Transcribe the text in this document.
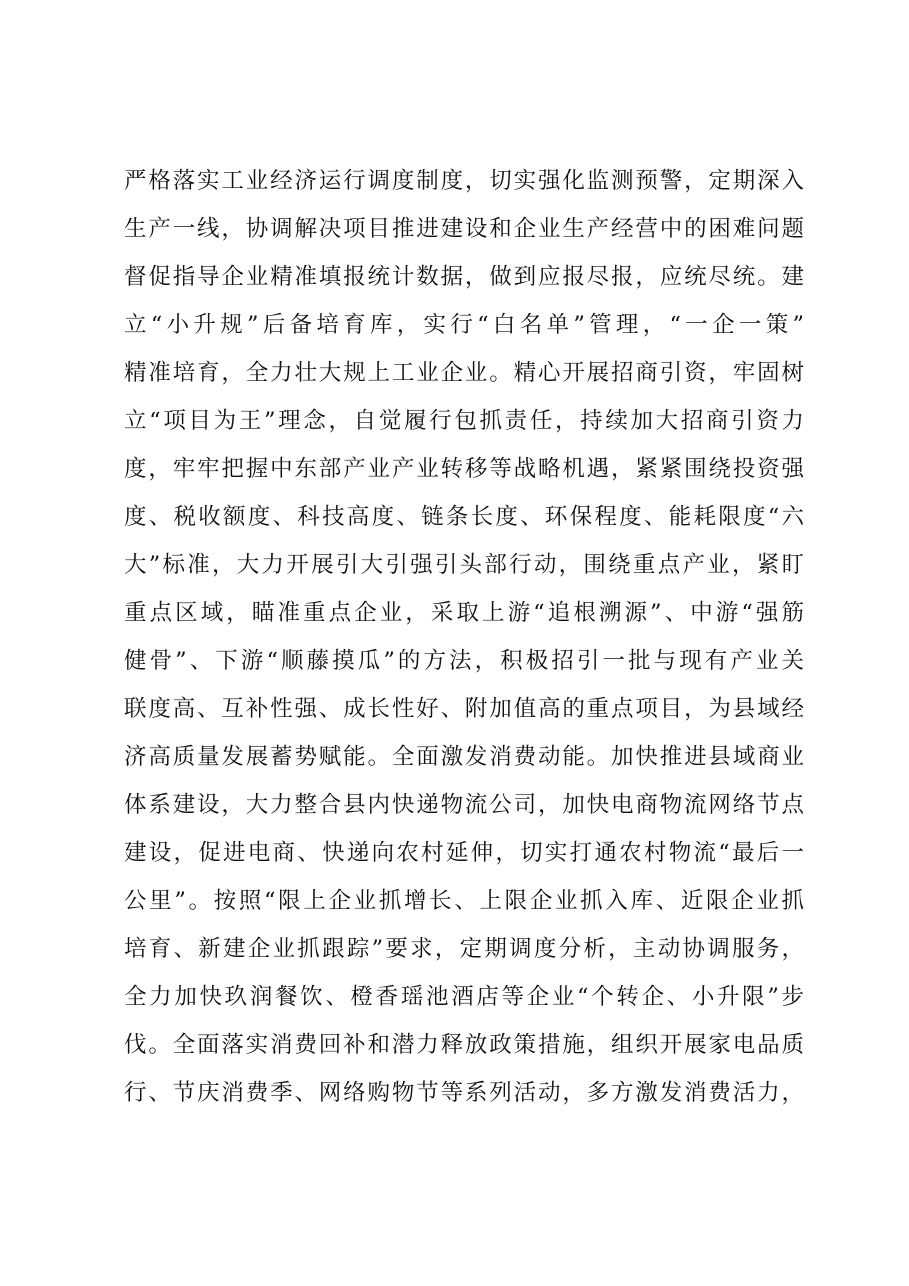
严格落实工业经济运行调度制度，切实强化监测预警，定期深入
生产一线，协调解决项目推进建设和企业生产经营中的困难问题
督促指导企业精准填报统计数据，做到应报尽报，应统尽统。建
立“小升规”后备培育库，实行“白名单”管理，“一企一策”
精准培育，全力壮大规上工业企业。精心开展招商引资，牢固树
立“项目为王”理念，自觉履行包抓责任，持续加大招商引资力
度，牢牢把握中东部产业产业转移等战略机遇，紧紧围绕投资强
度、税收额度、科技高度、链条长度、环保程度、能耗限度“六
大”标准，大力开展引大引强引头部行动，围绕重点产业，紧盯
重点区域，瞄准重点企业，采取上游“追根溯源”、中游“强筋
健骨”、下游“顺藤摸瓜”的方法，积极招引一批与现有产业关
联度高、互补性强、成长性好、附加值高的重点项目，为县域经
济高质量发展蓄势赋能。全面激发消费动能。加快推进县域商业
体系建设，大力整合县内快递物流公司，加快电商物流网络节点
建设，促进电商、快递向农村延伸，切实打通农村物流“最后一
公里”。按照“限上企业抓增长、上限企业抓入库、近限企业抓
培育、新建企业抓跟踪”要求，定期调度分析，主动协调服务，
全力加快玖润餐饮、橙香瑶池酒店等企业“个转企、小升限”步
伐。全面落实消费回补和潜力释放政策措施，组织开展家电品质
行、节庆消费季、网络购物节等系列活动，多方激发消费活力，
